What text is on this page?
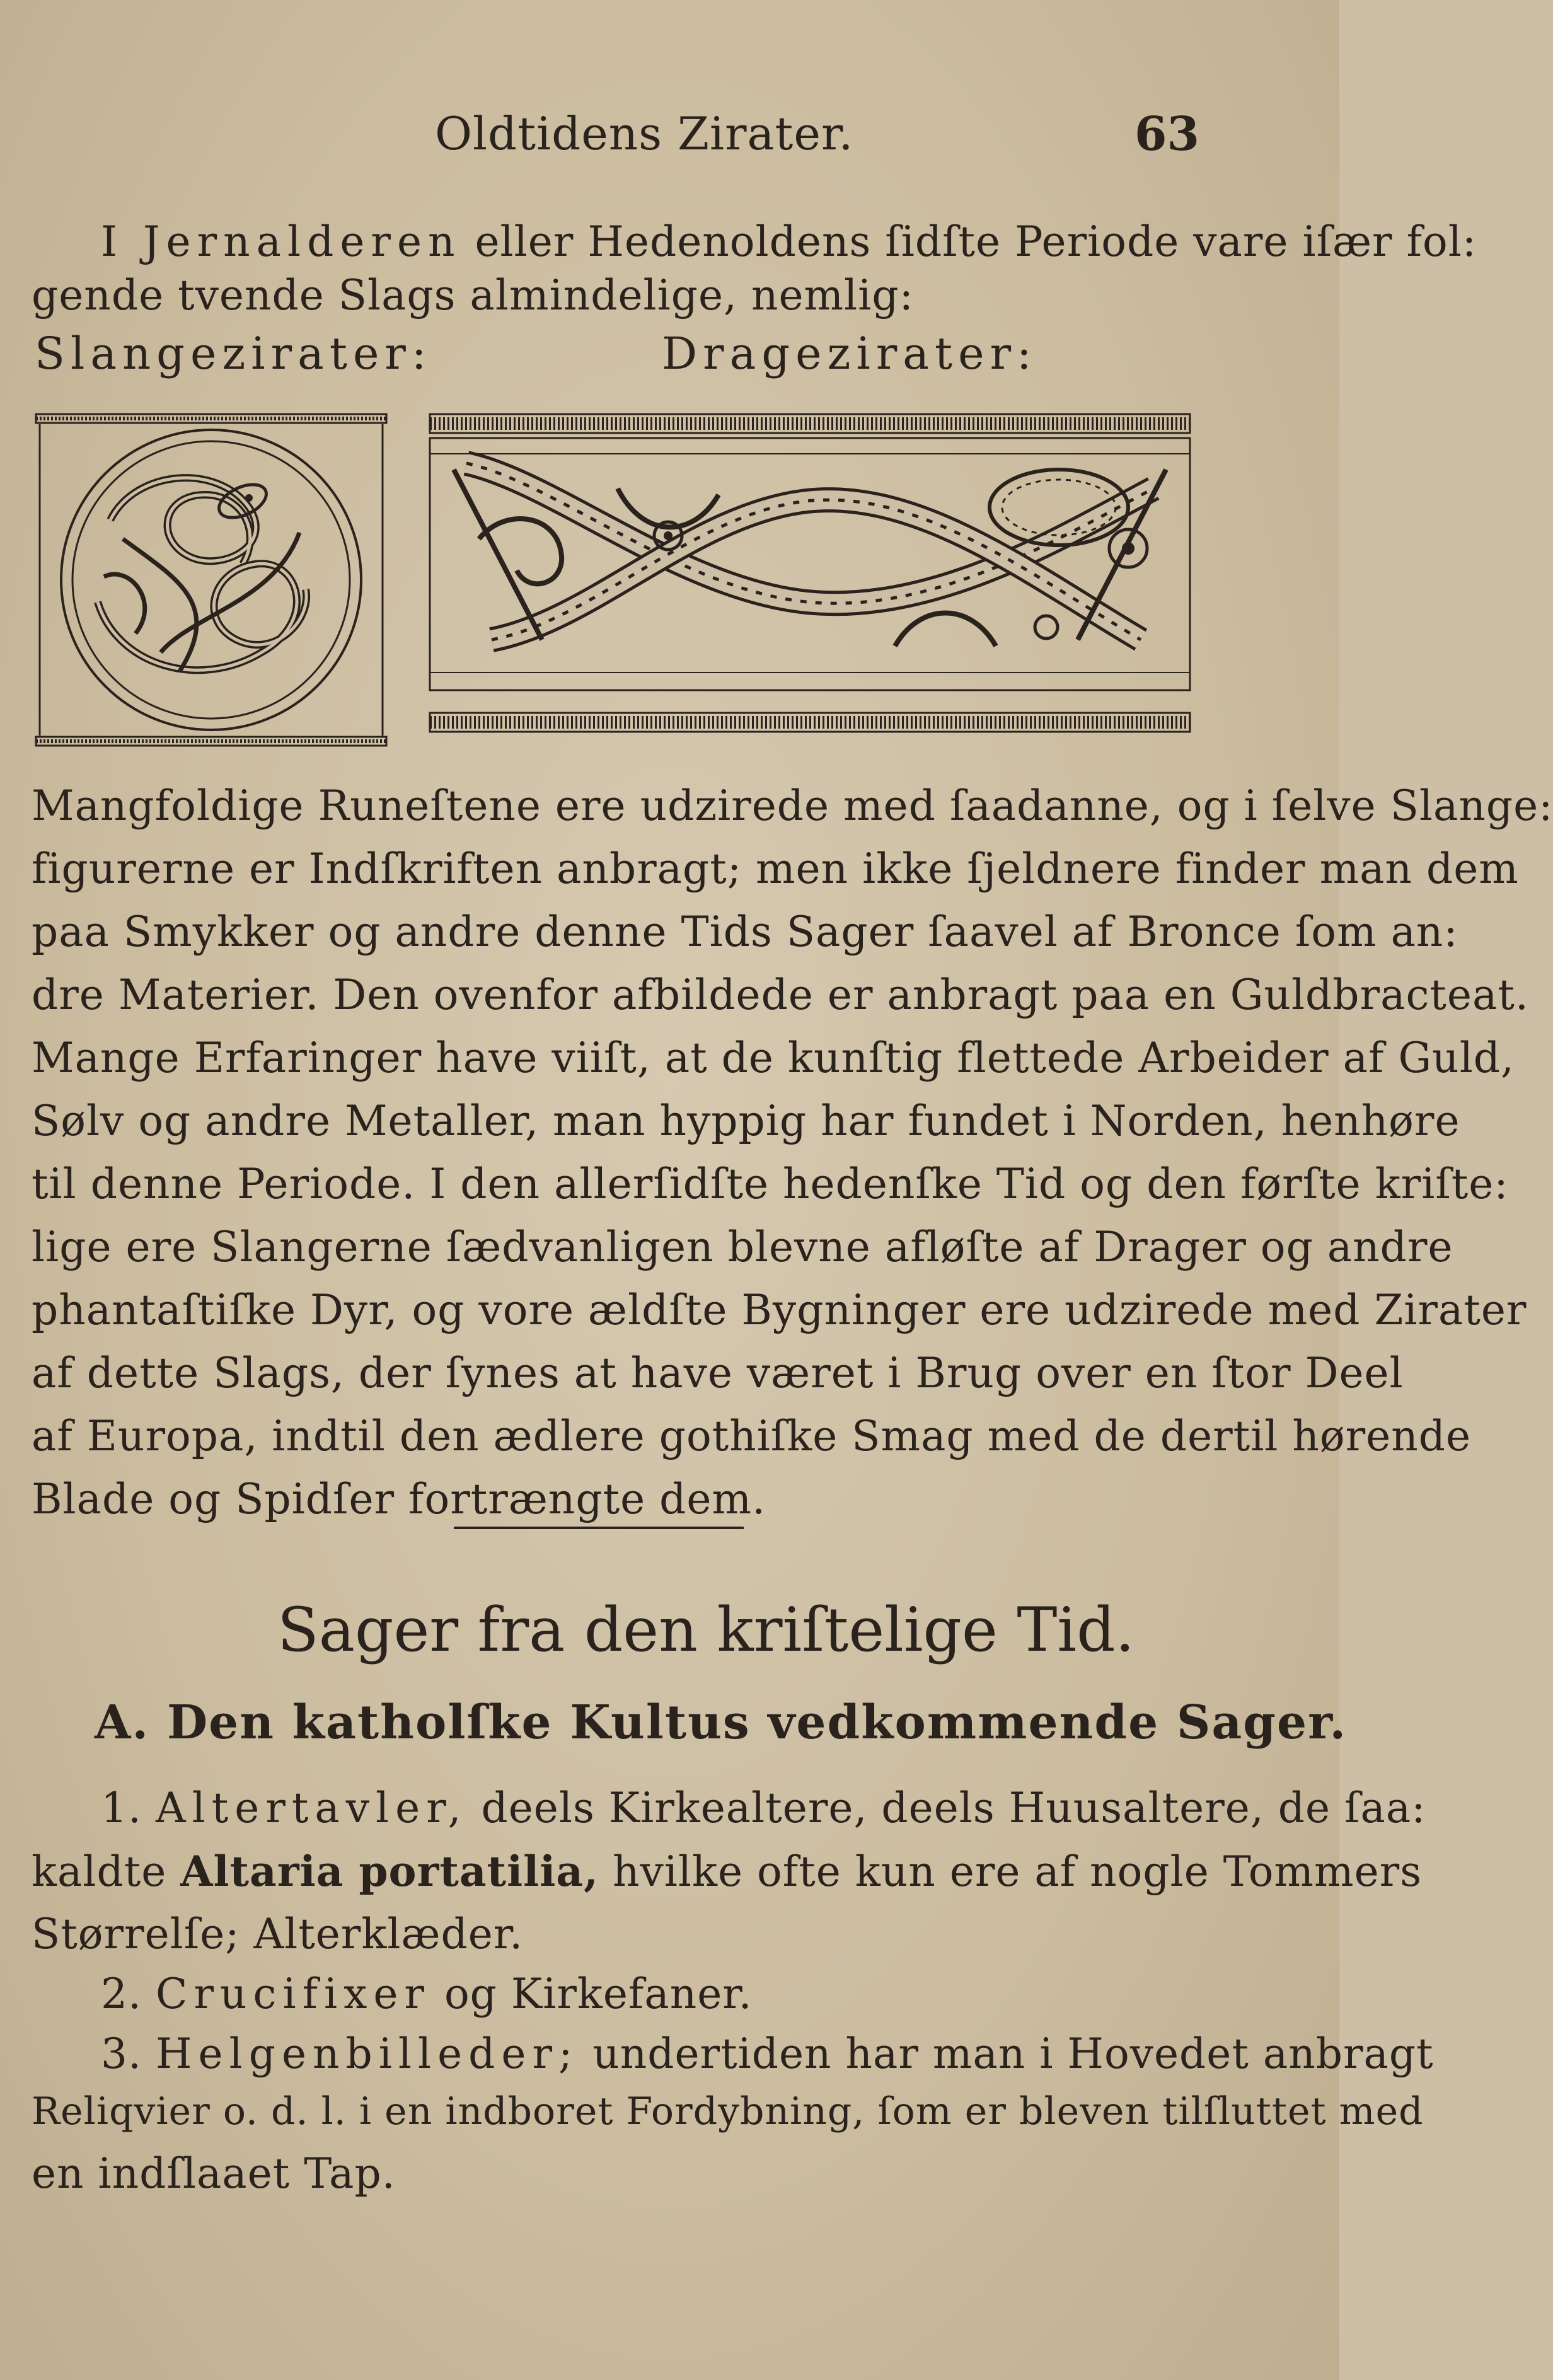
Oldtidens Zirater.	63
I Jernalderen eller Hedenoldens ſidſte Periode vare iſær fol:
gende tvende Slags almindelige, nemlig:
Slangezirater:	Dragezirater:
Mangfoldige Runeſtene ere udzirede med ſaadanne, og i ſelve Slange:
figurerne er Indſkriften anbragt; men ikke ſjeldnere finder man dem
paa Smykker og andre denne Tids Sager ſaavel af Bronce ſom an:
dre Materier. Den ovenfor afbildede er anbragt paa en Guldbracteat.
Mange Erfaringer have viiſt, at de kunſtig flettede Arbeider af Guld,
Sølv og andre Metaller, man hyppig har fundet i Norden, henhøre
til denne Periode. I den allerſidſte hedenſke Tid og den førſte kriſte:
lige ere Slangerne ſædvanligen blevne afløſte af Drager og andre
phantaſtiſke Dyr, og vore ældſte Bygninger ere udzirede med Zirater
af dette Slags, der ſynes at have været i Brug over en ſtor Deel
af Europa, indtil den ædlere gothiſke Smag med de dertil hørende
Blade og Spidſer fortrængte dem.
Sager fra den kriſtelige Tid.
A. Den katholſke Kultus vedkommende Sager.
1. Altertavler, deels Kirkealtere, deels Huusaltere, de ſaa:
kaldte Altaria portatilia, hvilke ofte kun ere af nogle Tommers
Størrelſe; Alterklæder.
2. Crucifixer og Kirkefaner.
3. Helgenbilleder; undertiden har man i Hovedet anbragt
Reliqvier o. d. l. i en indboret Fordybning, ſom er bleven tilſluttet med
en indſlaaet Tap.
